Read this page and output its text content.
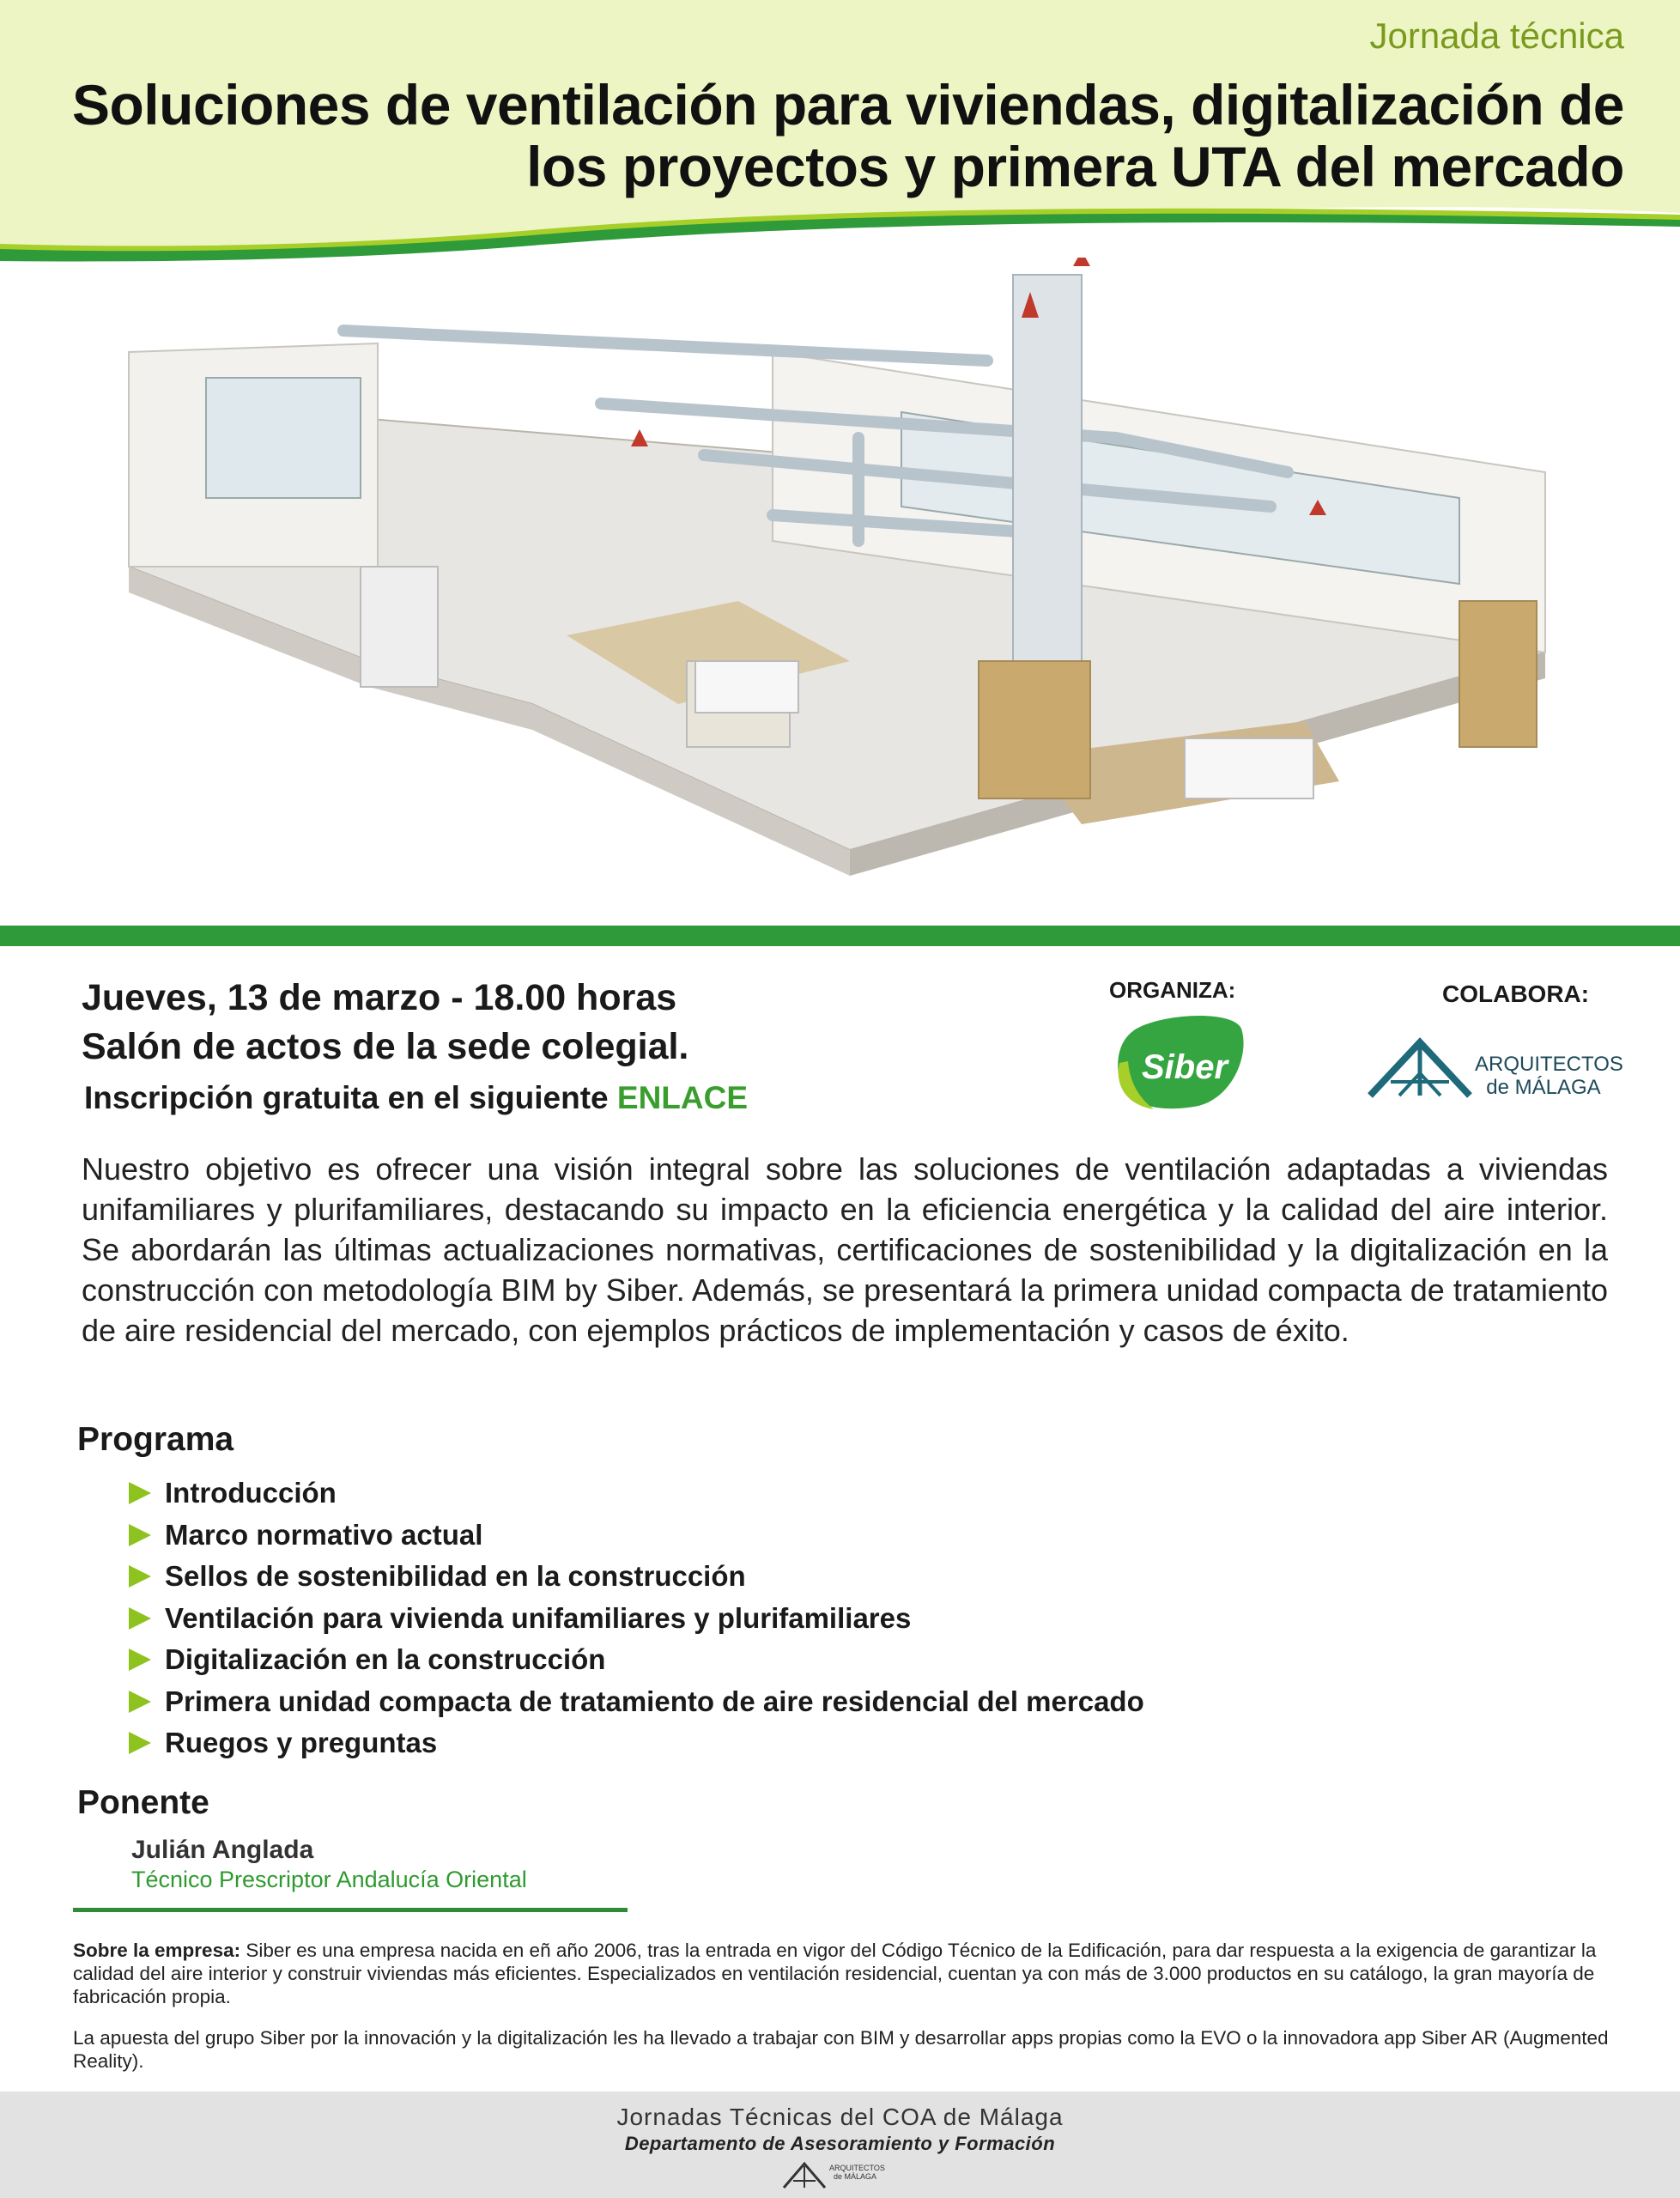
Jornada técnica
Soluciones de ventilación para viviendas, digitalización de los proyectos y primera UTA del mercado
Jueves, 13 de marzo - 18.00 horas
Salón de actos de la sede colegial.
Inscripción gratuita en el siguiente ENLACE
ORGANIZA:	COLABORA:
Siber	ARQUITECTOS
de MÁLAGA
Nuestro objetivo es ofrecer una visión integral sobre las soluciones de ventilación adaptadas a viviendas unifamiliares y plurifamiliares, destacando su impacto en la eficiencia energética y la calidad del aire interior. Se abordarán las últimas actualizaciones normativas, certificaciones de sostenibilidad y la digitalización en la construcción con metodología BIM by Siber. Además, se presentará la primera unidad compacta de tratamiento de aire residencial del mercado, con ejemplos prácticos de implementación y casos de éxito.
Programa
Introducción
Marco normativo actual
Sellos de sostenibilidad en la construcción
Ventilación para vivienda unifamiliares y plurifamiliares
Digitalización en la construcción
Primera unidad compacta de tratamiento de aire residencial del mercado
Ruegos y preguntas
Ponente
Julián Anglada
Técnico Prescriptor Andalucía Oriental
Sobre la empresa: Siber es una empresa nacida en eñ año 2006, tras la entrada en vigor del Código Técnico de la Edificación, para dar respuesta a la exigencia de garantizar la calidad del aire interior y construir viviendas más eficientes. Especializados en ventilación residencial, cuentan ya con más de 3.000 productos en su catálogo, la gran mayoría de fabricación propia.
La apuesta del grupo Siber por la innovación y la digitalización les ha llevado a trabajar con BIM y desarrollar apps propias como la EVO o la innovadora app Siber AR (Augmented Reality).
Jornadas Técnicas del COA de Málaga
Departamento de Asesoramiento y Formación
ARQUITECTOS
de MÁLAGA
